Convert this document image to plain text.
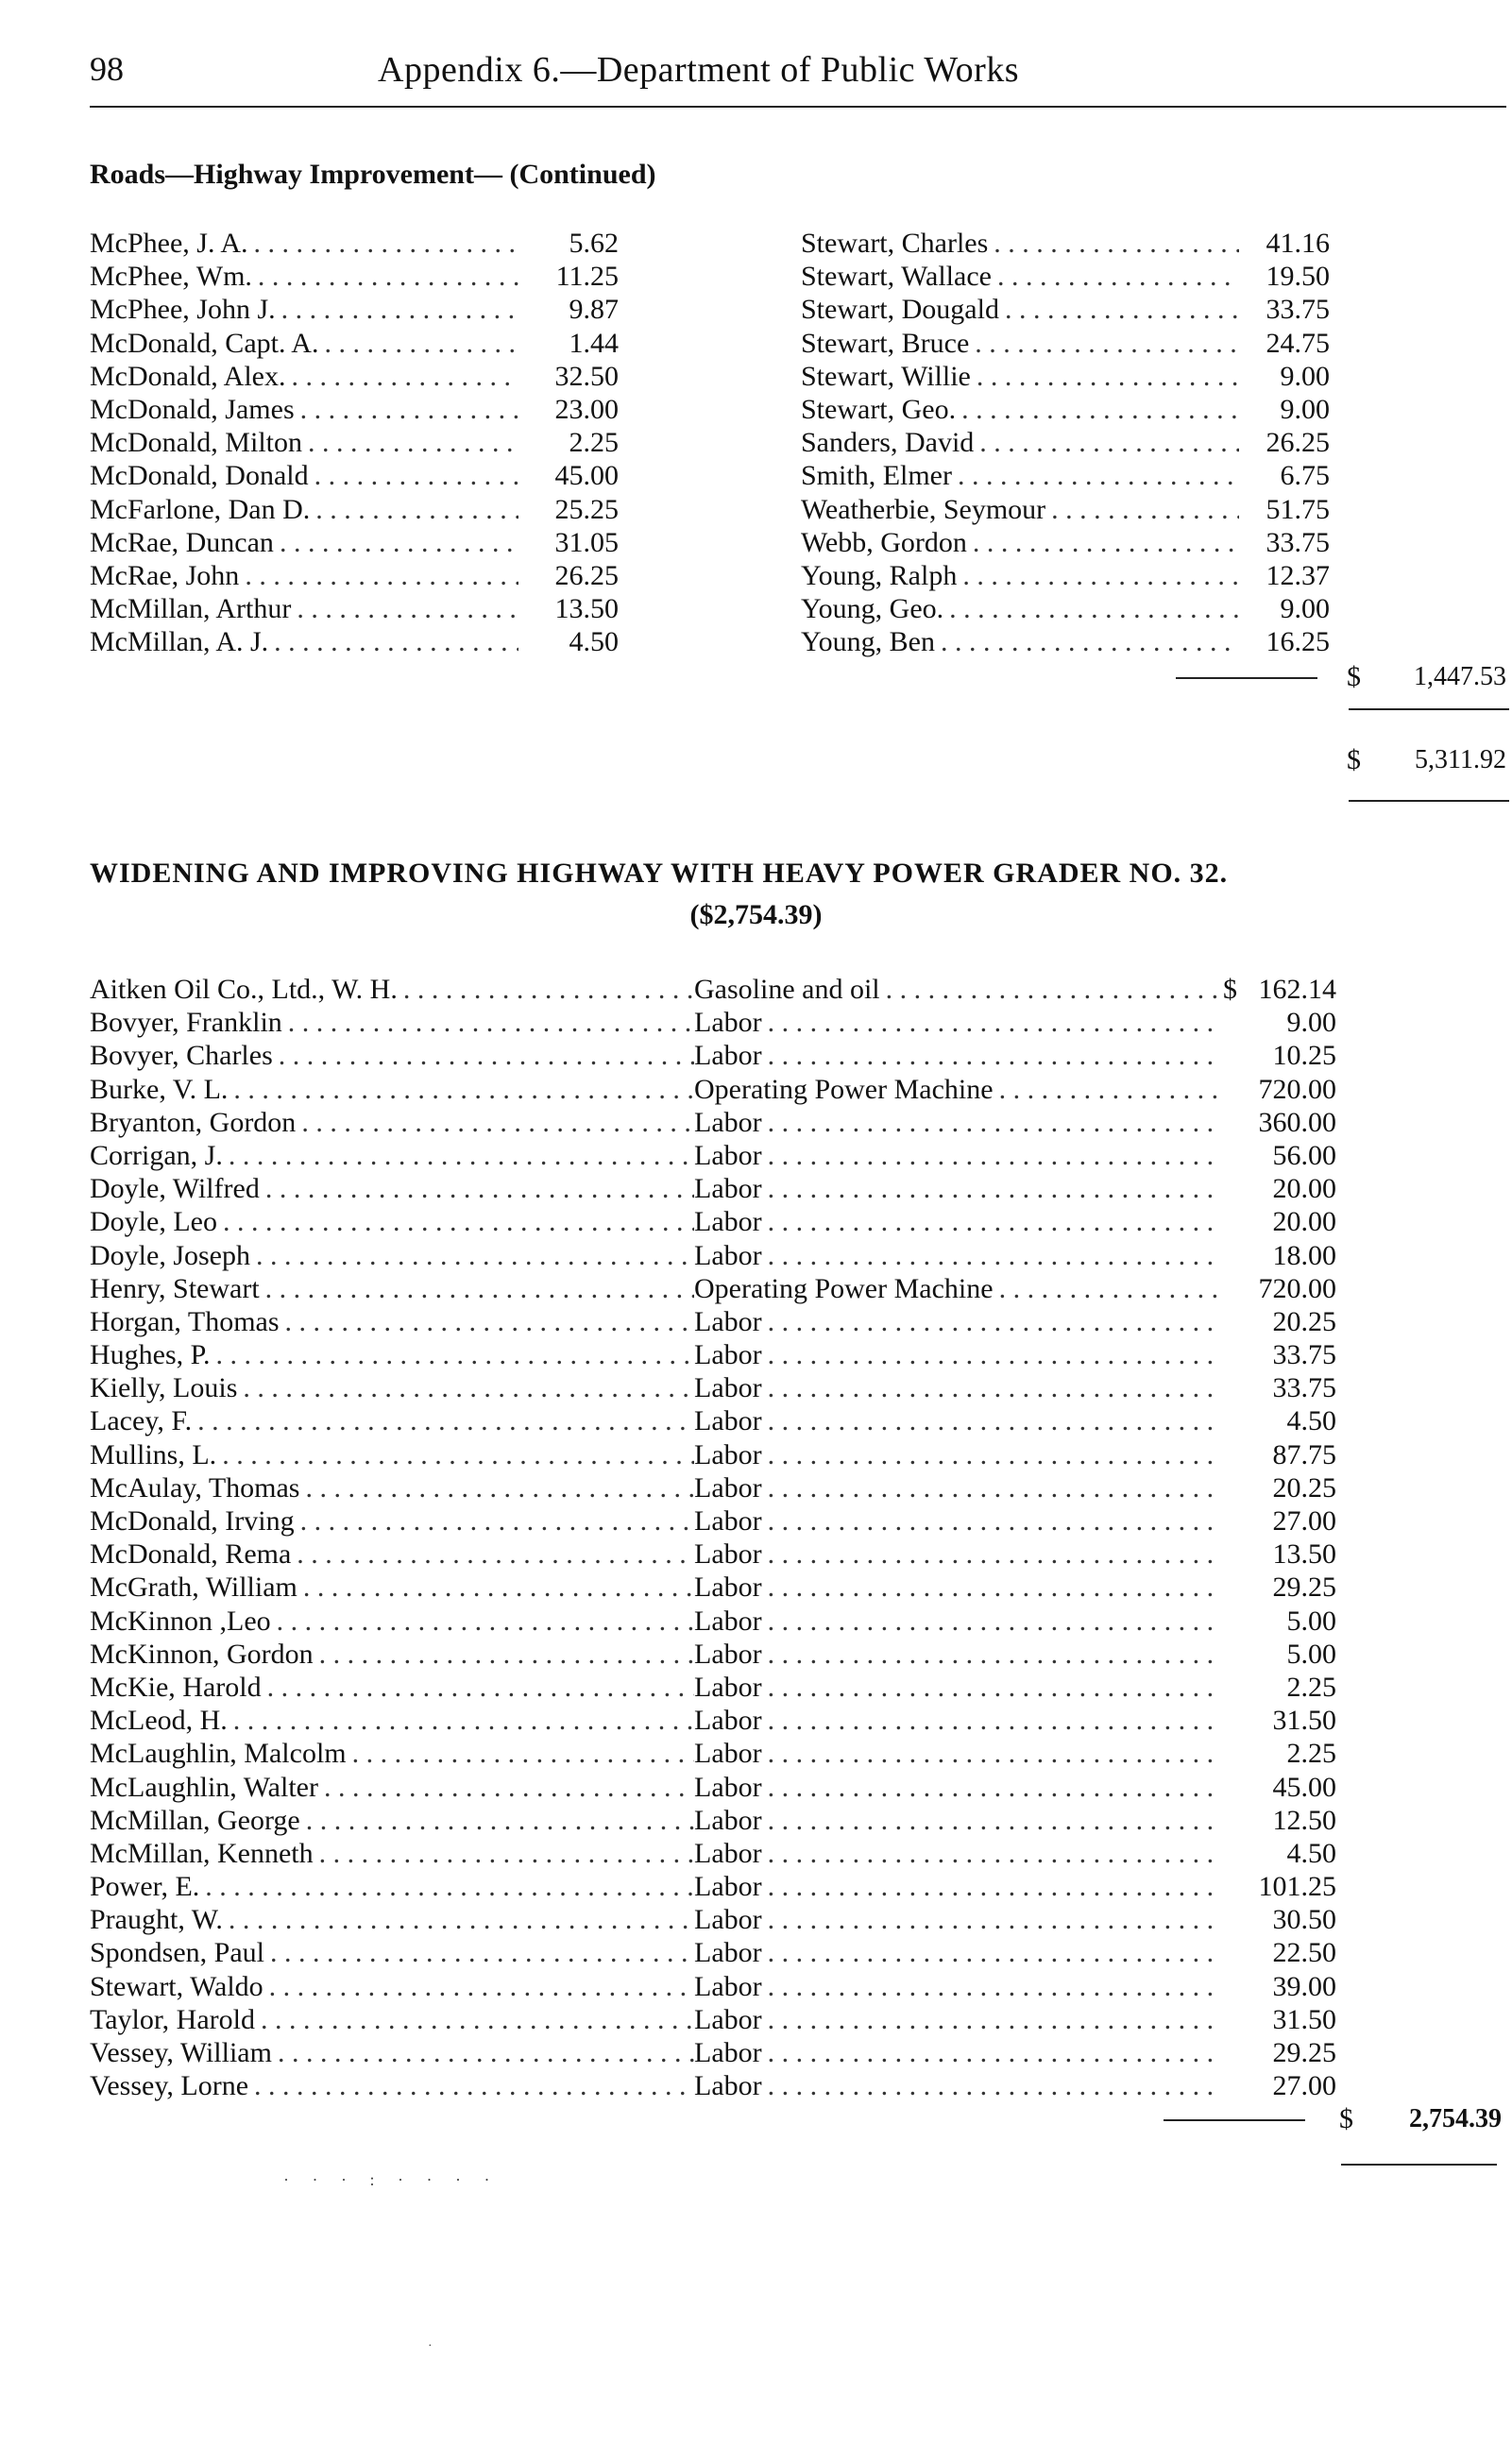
98	Appendix 6.—Department of Public Works
Roads—Highway Improvement— (Continued)
McPhee, J. A. . . .	5.62
McPhee, Wm. . . .	11.25
McPhee, John J. . . .	9.87
McDonald, Capt. A. . . .	1.44
McDonald, Alex. . . .	32.50
McDonald, James . . .	23.00
McDonald, Milton . . .	2.25
McDonald, Donald . . .	45.00
McFarlone, Dan D. . . .	25.25
McRae, Duncan . . .	31.05
McRae, John . . .	26.25
McMillan, Arthur . . .	13.50
McMillan, A. J. . . .	4.50
Stewart, Charles . . .	41.16
Stewart, Wallace . . .	19.50
Stewart, Dougald . . .	33.75
Stewart, Bruce . . .	24.75
Stewart, Willie . . .	9.00
Stewart, Geo. . . .	9.00
Sanders, David . . .	26.25
Smith, Elmer . . .	6.75
Weatherbie, Seymour . . .	51.75
Webb, Gordon . . .	33.75
Young, Ralph . . .	12.37
Young, Geo. . . .	9.00
Young, Ben . . .	16.25
$	1,447.53
$	5,311.92
WIDENING AND IMPROVING HIGHWAY WITH HEAVY POWER GRADER NO. 32.
($2,754.39)
Aitken Oil Co., Ltd., W. H. . . .	Gasoline and oil . . .	$ 162.14
Bovyer, Franklin . . .	Labor . . .	9.00
Bovyer, Charles . . .	Labor . . .	10.25
Burke, V. L. . . .	Operating Power Machine . . .	720.00
Bryanton, Gordon . . .	Labor . . .	360.00
Corrigan, J. . . .	Labor . . .	56.00
Doyle, Wilfred . . .	Labor . . .	20.00
Doyle, Leo . . .	Labor . . .	20.00
Doyle, Joseph . . .	Labor . . .	18.00
Henry, Stewart . . .	Operating Power Machine . . .	720.00
Horgan, Thomas . . .	Labor . . .	20.25
Hughes, P. . . .	Labor . . .	33.75
Kielly, Louis . . .	Labor . . .	33.75
Lacey, F. . . .	Labor . . .	4.50
Mullins, L. . . .	Labor . . .	87.75
McAulay, Thomas . . .	Labor . . .	20.25
McDonald, Irving . . .	Labor . . .	27.00
McDonald, Rema . . .	Labor . . .	13.50
McGrath, William . . .	Labor . . .	29.25
McKinnon ,Leo . . .	Labor . . .	5.00
McKinnon, Gordon . . .	Labor . . .	5.00
McKie, Harold . . .	Labor . . .	2.25
McLeod, H. . . .	Labor . . .	31.50
McLaughlin, Malcolm . . .	Labor . . .	2.25
McLaughlin, Walter . . .	Labor . . .	45.00
McMillan, George . . .	Labor . . .	12.50
McMillan, Kenneth . . .	Labor . . .	4.50
Power, E. . . .	Labor . . .	101.25
Praught, W. . . .	Labor . . .	30.50
Spondsen, Paul . . .	Labor . . .	22.50
Stewart, Waldo . . .	Labor . . .	39.00
Taylor, Harold . . .	Labor . . .	31.50
Vessey, William . . .	Labor . . .	29.25
Vessey, Lorne . . .	Labor . . .	27.00
$	2,754.39
· · · : · · · ·
·
